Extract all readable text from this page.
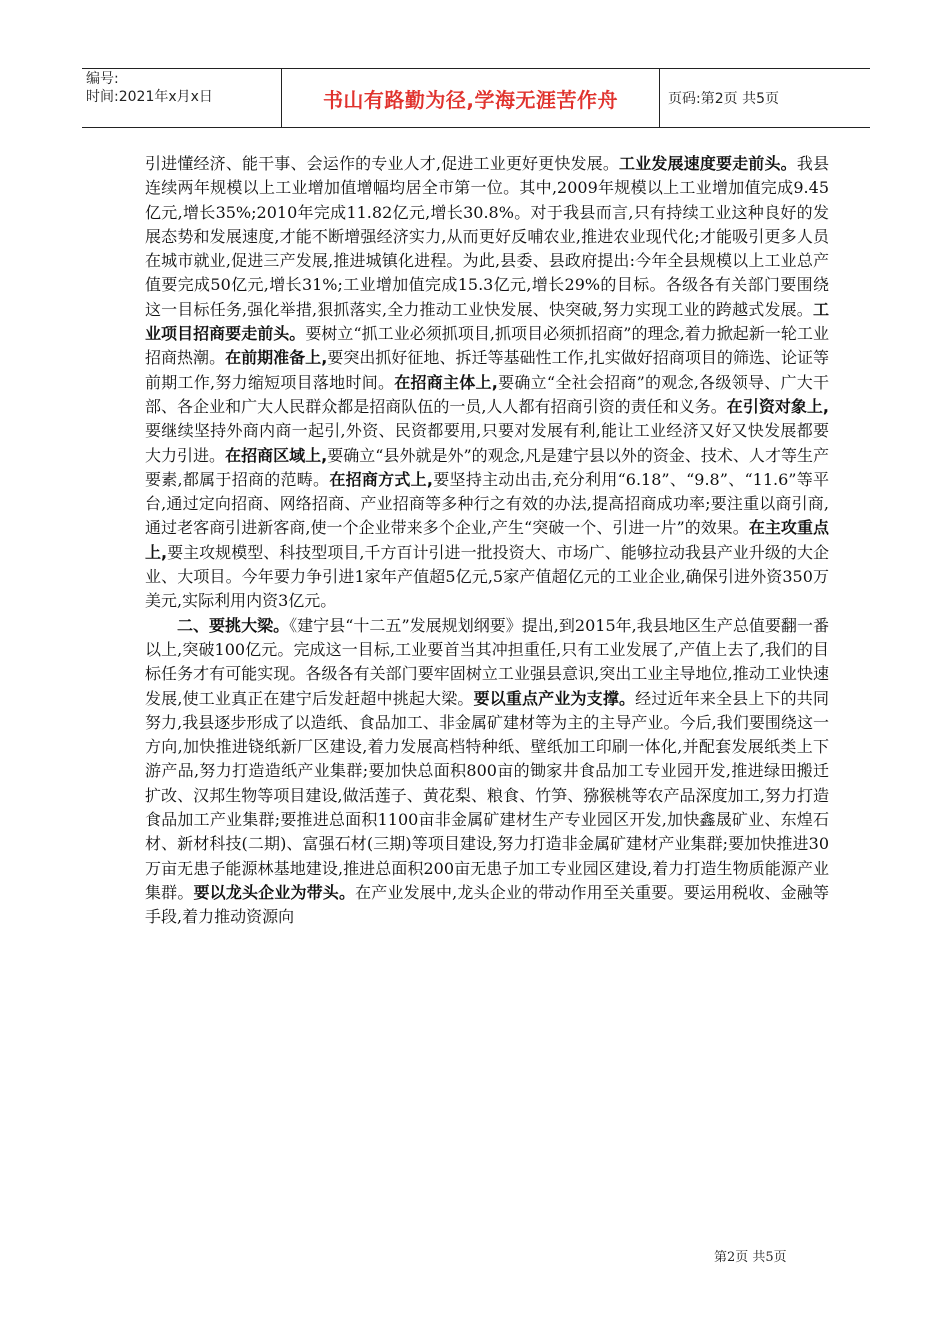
编号:
时间:2021年x月x日	书山有路勤为径,学海无涯苦作舟	页码:第2页 共5页

引进懂经济、能干事、会运作的专业人才,促进工业更好更快发展。工业发展速度要走前头。我县连续两年规模以上工业增加值增幅均居全市第一位。其中,2009年规模以上工业增加值完成9.45亿元,增长35%;2010年完成11.82亿元,增长30.8%。对于我县而言,只有持续工业这种良好的发展态势和发展速度,才能不断增强经济实力,从而更好反哺农业,推进农业现代化;才能吸引更多人员在城市就业,促进三产发展,推进城镇化进程。为此,县委、县政府提出:今年全县规模以上工业总产值要完成50亿元,增长31%;工业增加值完成15.3亿元,增长29%的目标。各级各有关部门要围绕这一目标任务,强化举措,狠抓落实,全力推动工业快发展、快突破,努力实现工业的跨越式发展。工业项目招商要走前头。要树立“抓工业必须抓项目,抓项目必须抓招商”的理念,着力掀起新一轮工业招商热潮。在前期准备上,要突出抓好征地、拆迁等基础性工作,扎实做好招商项目的筛选、论证等前期工作,努力缩短项目落地时间。在招商主体上,要确立“全社会招商”的观念,各级领导、广大干部、各企业和广大人民群众都是招商队伍的一员,人人都有招商引资的责任和义务。在引资对象上,要继续坚持外商内商一起引,外资、民资都要用,只要对发展有利,能让工业经济又好又快发展都要大力引进。在招商区域上,要确立“县外就是外”的观念,凡是建宁县以外的资金、技术、人才等生产要素,都属于招商的范畴。在招商方式上,要坚持主动出击,充分利用“6.18”、“9.8”、“11.6”等平台,通过定向招商、网络招商、产业招商等多种行之有效的办法,提高招商成功率;要注重以商引商,通过老客商引进新客商,使一个企业带来多个企业,产生“突破一个、引进一片”的效果。在主攻重点上,要主攻规模型、科技型项目,千方百计引进一批投资大、市场广、能够拉动我县产业升级的大企业、大项目。今年要力争引进1家年产值超5亿元,5家产值超亿元的工业企业,确保引进外资350万美元,实际利用内资3亿元。

二、要挑大梁。《建宁县“十二五”发展规划纲要》提出,到2015年,我县地区生产总值要翻一番以上,突破100亿元。完成这一目标,工业要首当其冲担重任,只有工业发展了,产值上去了,我们的目标任务才有可能实现。各级各有关部门要牢固树立工业强县意识,突出工业主导地位,推动工业快速发展,使工业真正在建宁后发赶超中挑起大梁。要以重点产业为支撑。经过近年来全县上下的共同努力,我县逐步形成了以造纸、食品加工、非金属矿建材等为主的主导产业。今后,我们要围绕这一方向,加快推进铙纸新厂区建设,着力发展高档特种纸、壁纸加工印刷一体化,并配套发展纸类上下游产品,努力打造造纸产业集群;要加快总面积800亩的锄家井食品加工专业园开发,推进绿田搬迁扩改、汉邦生物等项目建设,做活莲子、黄花梨、粮食、竹笋、猕猴桃等农产品深度加工,努力打造食品加工产业集群;要推进总面积1100亩非金属矿建材生产专业园区开发,加快鑫晟矿业、东煌石材、新材科技(二期)、富强石材(三期)等项目建设,努力打造非金属矿建材产业集群;要加快推进30万亩无患子能源林基地建设,推进总面积200亩无患子加工专业园区建设,着力打造生物质能源产业集群。要以龙头企业为带头。在产业发展中,龙头企业的带动作用至关重要。要运用税收、金融等手段,着力推动资源向

第2页 共5页
